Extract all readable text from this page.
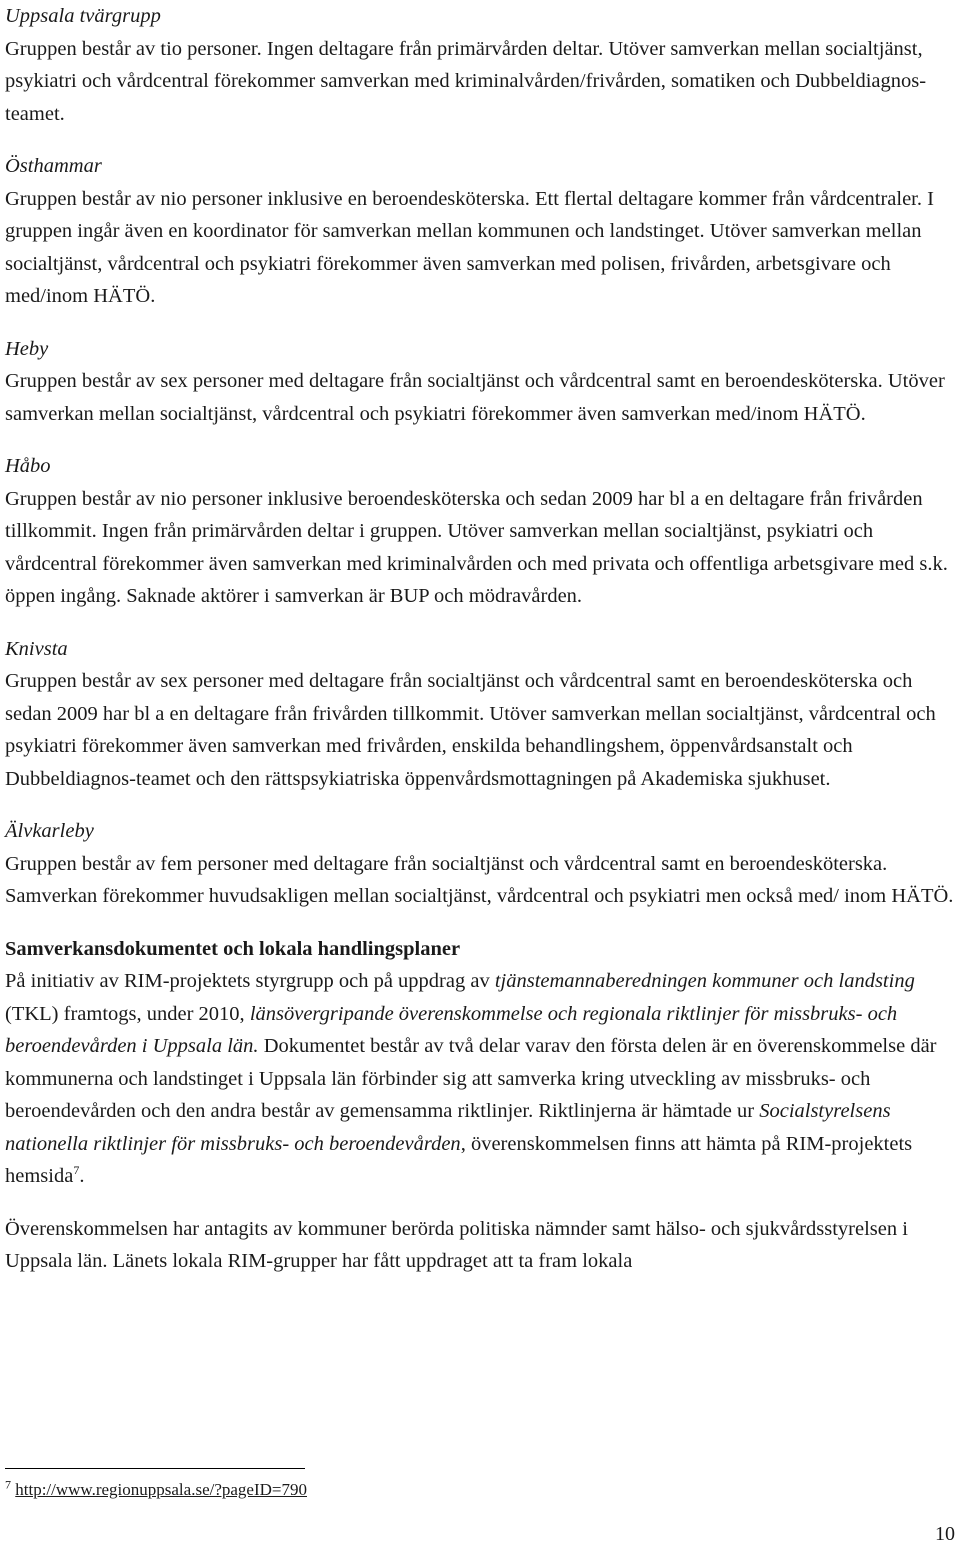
Uppsala tvärgrupp

Gruppen består av tio personer. Ingen deltagare från primärvården deltar. Utöver samverkan mellan socialtjänst, psykiatri och vårdcentral förekommer samverkan med kriminalvården/frivården, somatiken och Dubbeldiagnos-teamet.

Östhammar

Gruppen består av nio personer inklusive en beroendesköterska. Ett flertal deltagare kommer från vårdcentraler. I gruppen ingår även en koordinator för samverkan mellan kommunen och landstinget. Utöver samverkan mellan socialtjänst, vårdcentral och psykiatri förekommer även samverkan med polisen, frivården, arbetsgivare och med/inom HÄTÖ.

Heby

Gruppen består av sex personer med deltagare från socialtjänst och vårdcentral samt en beroendesköterska. Utöver samverkan mellan socialtjänst, vårdcentral och psykiatri förekommer även samverkan med/inom HÄTÖ.

Håbo

Gruppen består av nio personer inklusive beroendesköterska och sedan 2009 har bl a en deltagare från frivården tillkommit. Ingen från primärvården deltar i gruppen. Utöver samverkan mellan socialtjänst, psykiatri och vårdcentral förekommer även samverkan med kriminalvården och med privata och offentliga arbetsgivare med s.k. öppen ingång. Saknade aktörer i samverkan är BUP och mödravården.

Knivsta

Gruppen består av sex personer med deltagare från socialtjänst och vårdcentral samt en beroendesköterska och sedan 2009 har bl a en deltagare från frivården tillkommit. Utöver samverkan mellan socialtjänst, vårdcentral och psykiatri förekommer även samverkan med frivården, enskilda behandlingshem, öppenvårdsanstalt och Dubbeldiagnos-teamet och den rättspsykiatriska öppenvårdsmottagningen på Akademiska sjukhuset.

Älvkarleby

Gruppen består av fem personer med deltagare från socialtjänst och vårdcentral samt en beroendesköterska. Samverkan förekommer huvudsakligen mellan socialtjänst, vårdcentral och psykiatri men också med/ inom HÄTÖ.

Samverkansdokumentet och lokala handlingsplaner

På initiativ av RIM-projektets styrgrupp och på uppdrag av tjänstemannaberedningen kommuner och landsting (TKL) framtogs, under 2010, länsövergripande överenskommelse och regionala riktlinjer för missbruks- och beroendevården i Uppsala län. Dokumentet består av två delar varav den första delen är en överenskommelse där kommunerna och landstinget i Uppsala län förbinder sig att samverka kring utveckling av missbruks- och beroendevården och den andra består av gemensamma riktlinjer. Riktlinjerna är hämtade ur Socialstyrelsens nationella riktlinjer för missbruks- och beroendevården, överenskommelsen finns att hämta på RIM-projektets hemsida$^7$.

Överenskommelsen har antagits av kommuner berörda politiska nämnder samt hälso- och sjukvårdsstyrelsen i Uppsala län. Länets lokala RIM-grupper har fått uppdraget att ta fram lokala

$^7$ http://www.regionuppsala.se/?pageID=790
10
